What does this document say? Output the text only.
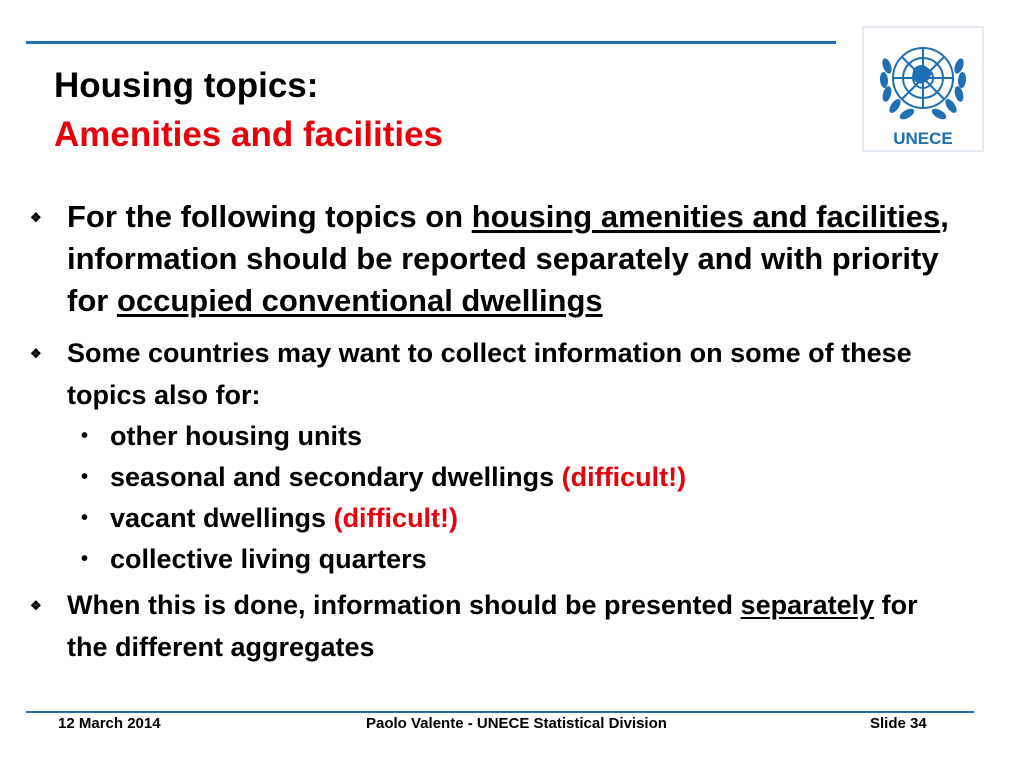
Housing topics:
Amenities and facilities	UNECE
❖ For the following topics on housing amenities and facilities, information should be reported separately and with priority for occupied conventional dwellings
❖ Some countries may want to collect information on some of these topics also for:
• other housing units
• seasonal and secondary dwellings (difficult!)
• vacant dwellings (difficult!)
• collective living quarters
❖ When this is done, information should be presented separately for the different aggregates
12 March 2014	Paolo Valente - UNECE Statistical Division	Slide 34
